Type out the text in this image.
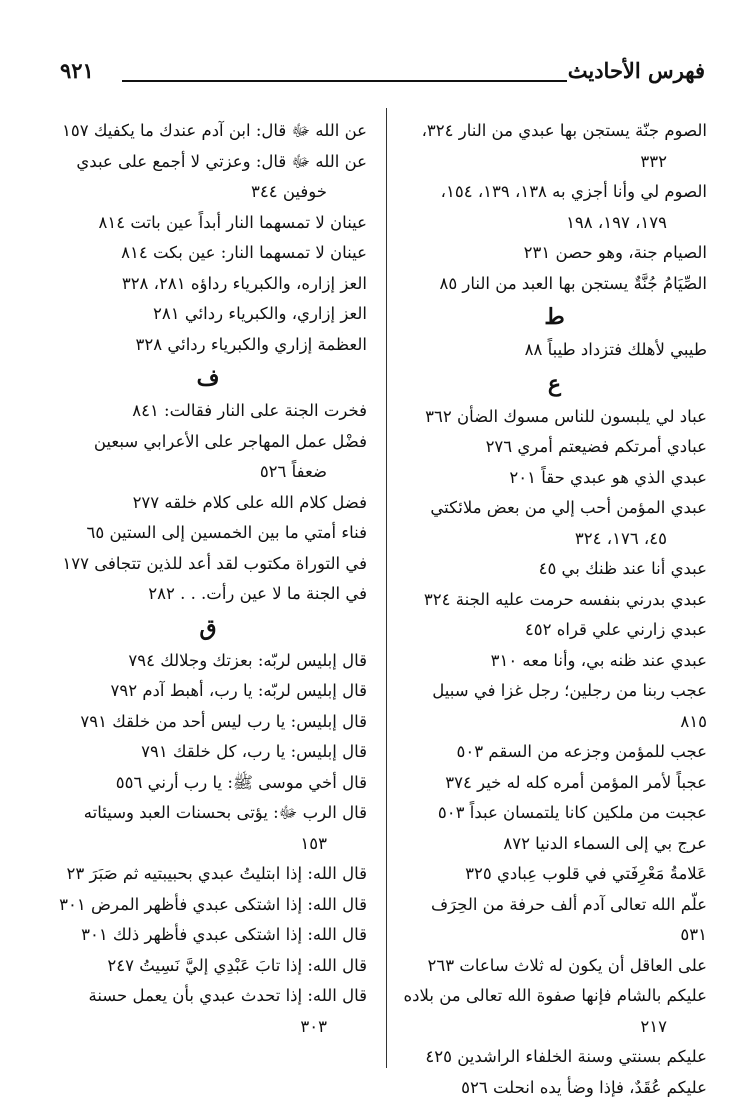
فهرس الأحاديث
٩٢١

الصوم جنّة يستجن بها عبدي من النار ٣٢٤،

٣٣٢

الصوم لي وأنا أجزي به ١٣٨، ١٣٩، ١٥٤،

١٧٩، ١٩٧، ١٩٨

الصيام جنة، وهو حصن ٢٣١

الصِّيَامُ جُنَّةٌ يستجن بها العبد من النار ٨٥

ط

طيبي لأهلك فتزداد طيباً ٨٨

ع

عباد لي يلبسون للناس مسوك الضأن ٣٦٢

عبادي أمرتكم فضيعتم أمري ٢٧٦

عبدي الذي هو عبدي حقاً ٢٠١

عبدي المؤمن أحب إلي من بعض ملائكتي

٤٥، ١٧٦، ٣٢٤

عبدي أنا عند ظنك بي ٤٥

عبدي بدرني بنفسه حرمت عليه الجنة ٣٢٤

عبدي زارني علي قراه ٤٥٢

عبدي عند ظنه بي، وأنا معه ٣١٠

عجب ربنا من رجلين؛ رجل غزا في سبيل ٨١٥

عجب للمؤمن وجزعه من السقم ٥٠٣

عجباً لأمر المؤمن أمره كله له خير ٣٧٤

عجبت من ملكين كانا يلتمسان عبداً ٥٠٣

عرج بي إلى السماء الدنيا ٨٧٢

عَلامةُ مَعْرِفَتي في قلوب عِبادي ٣٢٥

علّم الله تعالى آدم ألف حرفة من الحِرَف ٥٣١

على العاقل أن يكون له ثلاث ساعات ٢٦٣

عليكم بالشام فإنها صفوة الله تعالى من بلاده

٢١٧

عليكم بسنتي وسنة الخلفاء الراشدين ٤٢٥

عليكم عُقَدٌ، فإذا وضأ يده انحلت ٥٢٦

عن الله ﷻ قال: ابن آدم عندك ما يكفيك ١٥٧

عن الله ﷻ قال: وعزتي لا أجمع على عبدي

خوفين ٣٤٤

عينان لا تمسهما النار أبداً عين باتت ٨١٤

عينان لا تمسهما النار: عين بكت ٨١٤

العز إزاره، والكبرياء رداؤه ٢٨١، ٣٢٨

العز إزاري، والكبرياء ردائي ٢٨١

العظمة إزاري والكبرياء ردائي ٣٢٨

ف

فخرت الجنة على النار فقالت: ٨٤١

فضْل عمل المهاجر على الأعرابي سبعين

ضعفاً ٥٢٦

فضل كلام الله على كلام خلقه ٢٧٧

فناء أمتي ما بين الخمسين إلى الستين ٦٥

في التوراة مكتوب لقد أعد للذين تتجافى ١٧٧

في الجنة ما لا عين رأت. . . ٢٨٢

ق

قال إبليس لربّه: بعزتك وجلالك ٧٩٤

قال إبليس لربّه: يا رب، أهبط آدم ٧٩٢

قال إبليس: يا رب ليس أحد من خلقك ٧٩١

قال إبليس: يا رب، كل خلقك ٧٩١

قال أخي موسى ﷺ: يا رب أرني ٥٥٦

قال الرب ﷻ: يؤتى بحسنات العبد وسيئاته

١٥٣

قال الله: إذا ابتليتُ عبدي بحبيبتيه ثم صَبَرَ ٢٣

قال الله: إذا اشتكى عبدي فأظهر المرض ٣٠١

قال الله: إذا اشتكى عبدي فأظهر ذلك ٣٠١

قال الله: إذا تابَ عَبْدِي إليَّ نَسِيتُ ٢٤٧

قال الله: إذا تحدث عبدي بأن يعمل حسنة

٣٠٣
